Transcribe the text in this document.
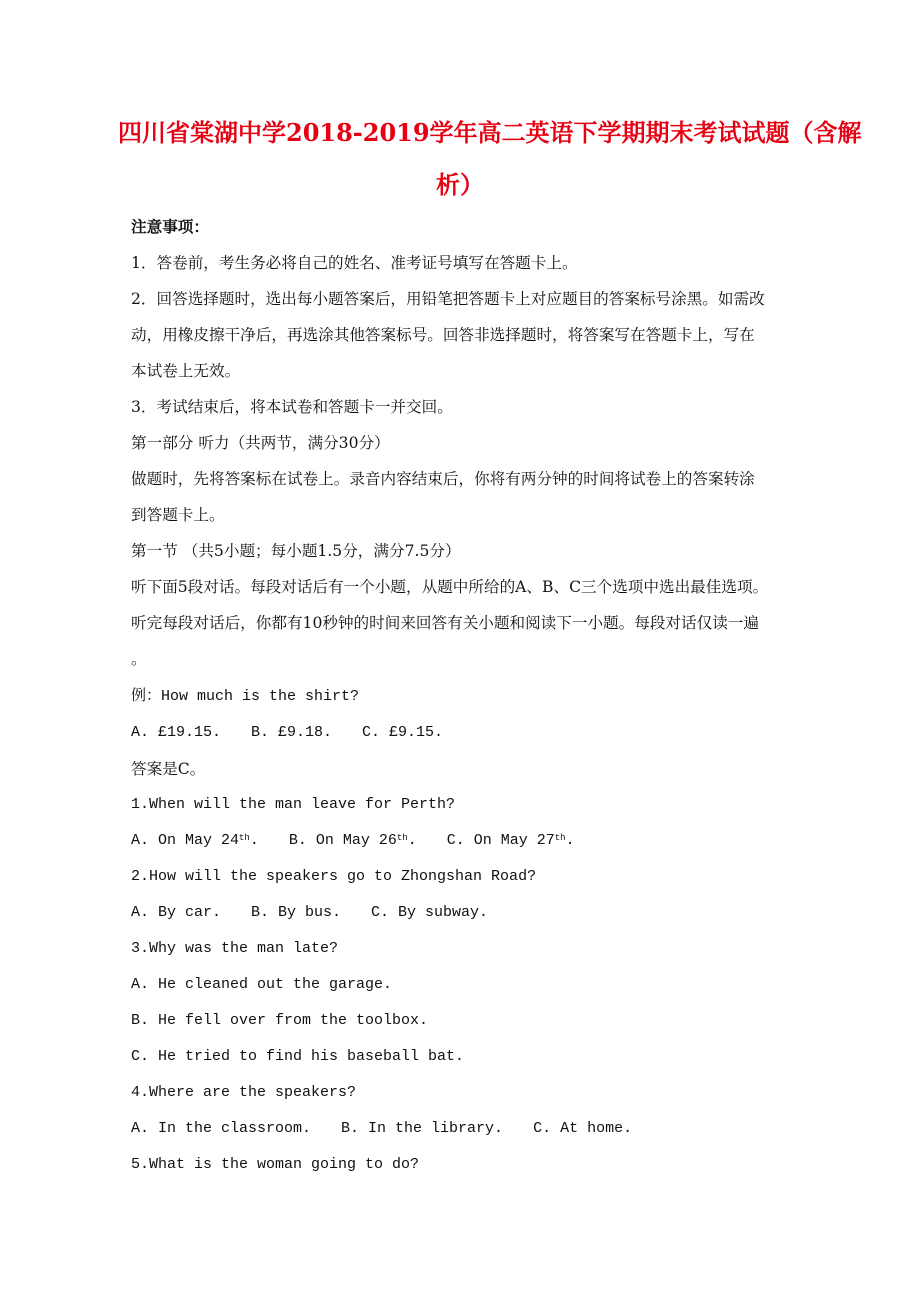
四川省棠湖中学2018-2019学年高二英语下学期期末考试试题（含解
析）
注意事项：
1．答卷前，考生务必将自己的姓名、准考证号填写在答题卡上。
2．回答选择题时，选出每小题答案后，用铅笔把答题卡上对应题目的答案标号涂黑。如需改
动，用橡皮擦干净后，再选涂其他答案标号。回答非选择题时，将答案写在答题卡上，写在
本试卷上无效。
3．考试结束后，将本试卷和答题卡一并交回。
第一部分 听力（共两节，满分30分）
做题时，先将答案标在试卷上。录音内容结束后，你将有两分钟的时间将试卷上的答案转涂
到答题卡上。
第一节 （共5小题；每小题1.5分，满分7.5分）
听下面5段对话。每段对话后有一个小题，从题中所给的A、B、C三个选项中选出最佳选项。
听完每段对话后，你都有10秒钟的时间来回答有关小题和阅读下一小题。每段对话仅读一遍
。
例：How much is the shirt?
A. £19.15. B. £9.18. C. £9.15.
答案是C。
1.When will the man leave for Perth?
A. On May 24th. B. On May 26th. C. On May 27th.
2.How will the speakers go to Zhongshan Road?
A. By car. B. By bus. C. By subway.
3.Why was the man late?
A. He cleaned out the garage.
B. He fell over from the toolbox.
C. He tried to find his baseball bat.
4.Where are the speakers?
A. In the classroom. B. In the library. C. At home.
5.What is the woman going to do?
